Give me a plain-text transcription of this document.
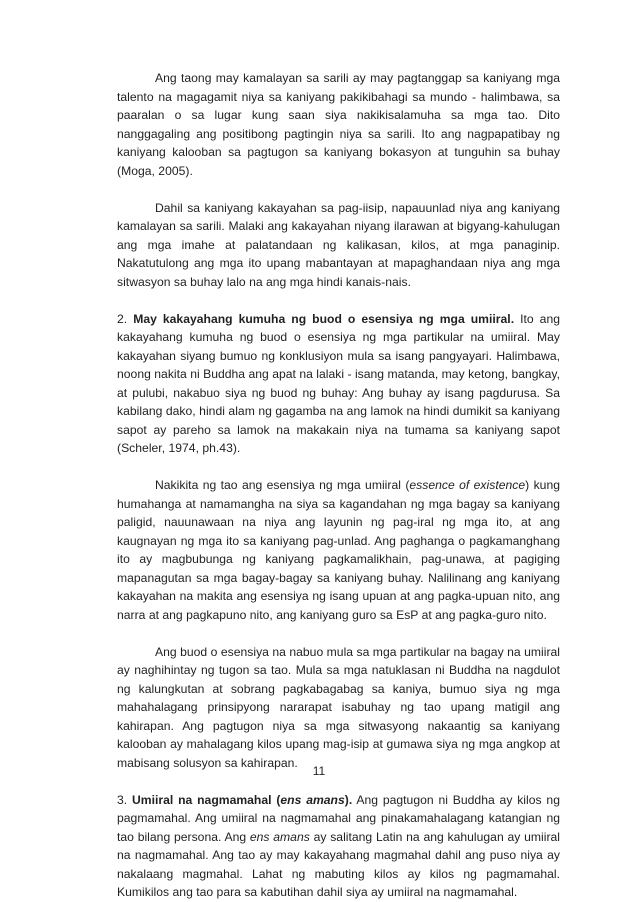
Ang taong may kamalayan sa sarili ay may pagtanggap sa kaniyang mga talento na magagamit niya sa kaniyang pakikibahagi sa mundo - halimbawa, sa paaralan o sa lugar kung saan siya nakikisalamuha sa mga tao. Dito nanggagaling ang positibong pagtingin niya sa sarili. Ito ang nagpapatibay ng kaniyang kalooban sa pagtugon sa kaniyang bokasyon at tunguhin sa buhay (Moga, 2005).

Dahil sa kaniyang kakayahan sa pag-iisip, napauunlad niya ang kaniyang kamalayan sa sarili. Malaki ang kakayahan niyang ilarawan at bigyang-kahulugan ang mga imahe at palatandaan ng kalikasan, kilos, at mga panaginip. Nakatutulong ang mga ito upang mabantayan at mapaghandaan niya ang mga sitwasyon sa buhay lalo na ang mga hindi kanais-nais.

2. May kakayahang kumuha ng buod o esensiya ng mga umiiral. Ito ang kakayahang kumuha ng buod o esensiya ng mga partikular na umiiral. May kakayahan siyang bumuo ng konklusiyon mula sa isang pangyayari. Halimbawa, noong nakita ni Buddha ang apat na lalaki - isang matanda, may ketong, bangkay, at pulubi, nakabuo siya ng buod ng buhay: Ang buhay ay isang pagdurusa. Sa kabilang dako, hindi alam ng gagamba na ang lamok na hindi dumikit sa kaniyang sapot ay pareho sa lamok na makakain niya na tumama sa kaniyang sapot (Scheler, 1974, ph.43).

Nakikita ng tao ang esensiya ng mga umiiral (essence of existence) kung humahanga at namamangha na siya sa kagandahan ng mga bagay sa kaniyang paligid, nauunawaan na niya ang layunin ng pag-iral ng mga ito, at ang kaugnayan ng mga ito sa kaniyang pag-unlad. Ang paghanga o pagkamanghang ito ay magbubunga ng kaniyang pagkamalikhain, pag-unawa, at pagiging mapanagutan sa mga bagay-bagay sa kaniyang buhay. Nalilinang ang kaniyang kakayahan na makita ang esensiya ng isang upuan at ang pagka-upuan nito, ang narra at ang pagkapuno nito, ang kaniyang guro sa EsP at ang pagka-guro nito.

Ang buod o esensiya na nabuo mula sa mga partikular na bagay na umiiral ay naghihintay ng tugon sa tao. Mula sa mga natuklasan ni Buddha na nagdulot ng kalungkutan at sobrang pagkabagabag sa kaniya, bumuo siya ng mga mahahalagang prinsipyong nararapat isabuhay ng tao upang matigil ang kahirapan. Ang pagtugon niya sa mga sitwasyong nakaantig sa kaniyang kalooban ay mahalagang kilos upang mag-isip at gumawa siya ng mga angkop at mabisang solusyon sa kahirapan.

3. Umiiral na nagmamahal (ens amans). Ang pagtugon ni Buddha ay kilos ng pagmamahal. Ang umiiral na nagmamahal ang pinakamahalagang katangian ng tao bilang persona. Ang ens amans ay salitang Latin na ang kahulugan ay umiiral na nagmamahal. Ang tao ay may kakayahang magmahal dahil ang puso niya ay nakalaang magmahal. Lahat ng mabuting kilos ay kilos ng pagmamahal. Kumikilos ang tao para sa kabutihan dahil siya ay umiiral na nagmamahal.

11
